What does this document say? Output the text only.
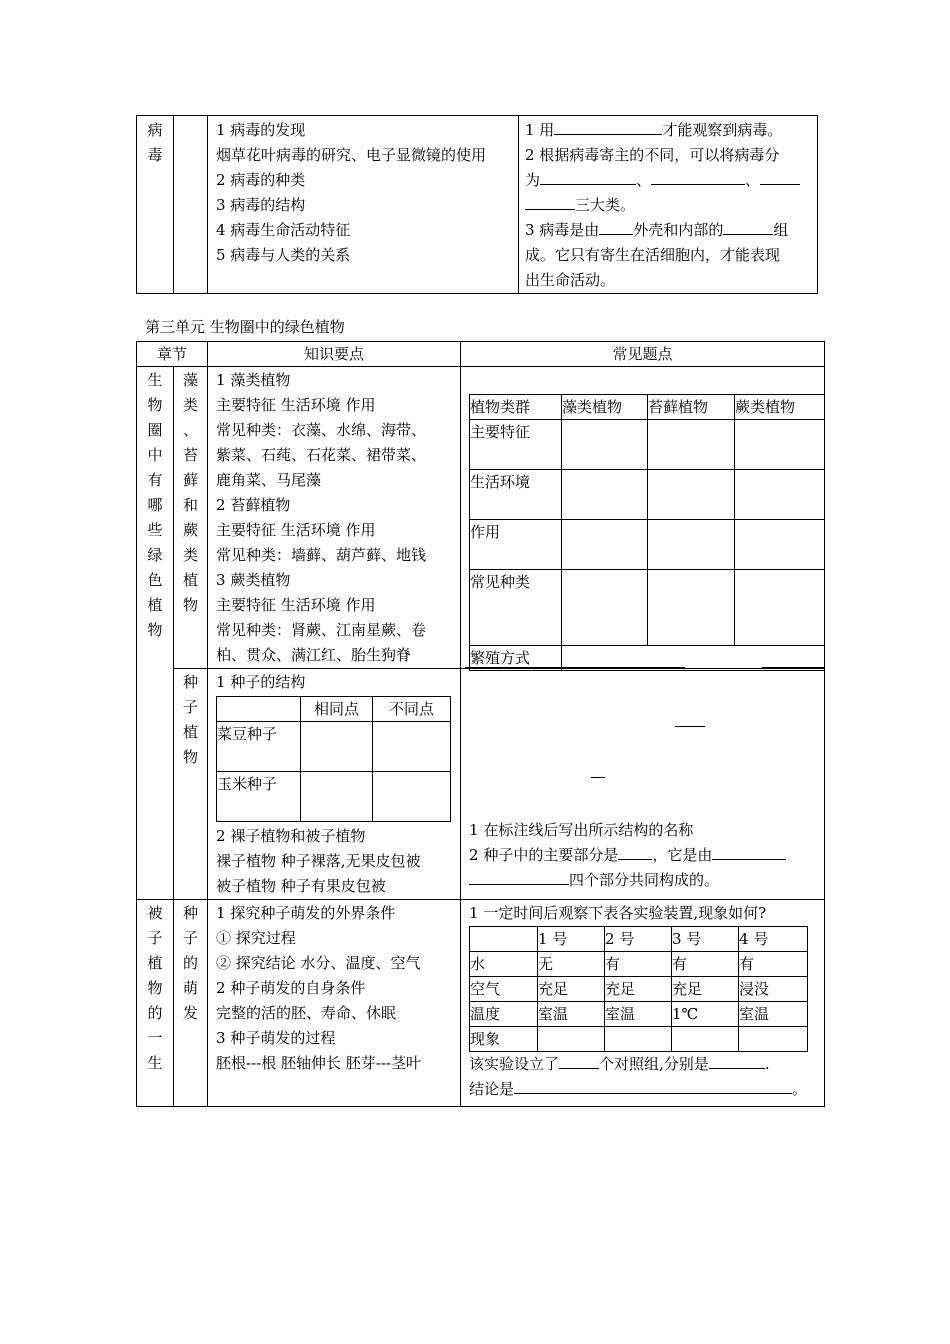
病
毒

1 病毒的发现
烟草花叶病毒的研究、电子显微镜的使用
2 病毒的种类
3 病毒的结构
4 病毒生命活动特征
5 病毒与人类的关系

1 用	才能观察到病毒。
2 根据病毒寄主的不同，可以将病毒分
为	、	、
三大类。
3 病毒是由 外壳和内部的	组
成。它只有寄生在活细胞内，才能表现
出生命活动。
第三单元 生物圈中的绿色植物
章节	知识要点	常见题点

生
物
圈
中
有
哪
些
绿
色
植
物

藻
类
、
苔
藓
和
蕨
类
植
物

1 藻类植物
主要特征 生活环境 作用
常见种类：衣藻、水绵、海带、
紫菜、石莼、石花菜、裙带菜、
鹿角菜、马尾藻
2 苔藓植物
主要特征 生活环境 作用
常见种类：墙藓、葫芦藓、地钱
3 蕨类植物
主要特征 生活环境 作用
常见种类：肾蕨、江南星蕨、卷
柏、贯众、满江红、胎生狗脊

植物类群	藻类植物	苔藓植物	蕨类植物
主要特征			
生活环境			
作用			
常见种类			
繁殖方式	

种
子
植
物

1 种子的结构
	相同点	不同点
菜豆种子		
玉米种子		
2 裸子植物和被子植物
裸子植物 种子裸落,无果皮包被
被子植物 种子有果皮包被

1 在标注线后写出所示结构的名称
2 种子中的主要部分是 ，它是由
四个部分共同构成的。

被
子
植
物
的
一
生

种
子
的
萌
发

1 探究种子萌发的外界条件
① 探究过程
② 探究结论 水分、温度、空气
2 种子萌发的自身条件
完整的活的胚、寿命、休眠
3 种子萌发的过程
胚根---根 胚轴伸长 胚芽---茎叶

1 一定时间后观察下表各实验装置,现象如何?
	1 号	2 号	3 号	4 号
水	无	有	有	有
空气	充足	充足	充足	浸没
温度	室温	室温	1℃	室温
现象				
该实验设立了	个对照组,分别是	.
结论是	。
